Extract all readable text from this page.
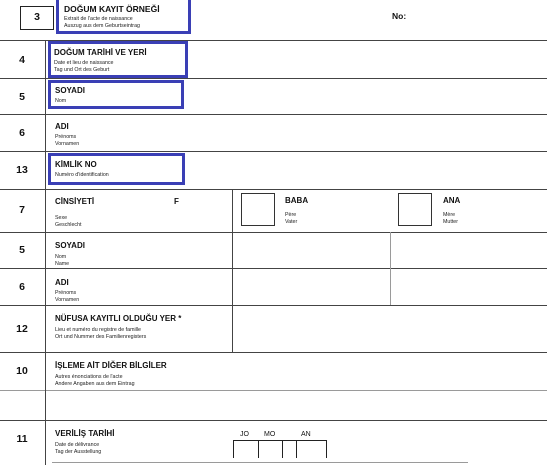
3
DOĞUM KAYIT ÖRNEĞİ
Extrait de l'acte de naissance
Auszug aus dem Geburtseintrag
No:
4
DOĞUM TARİHİ VE YERİ
Date et lieu de naissance
Tag und Ort des Geburt
5
SOYADI
Nom
6
ADI
Prénoms
Vornamen
13	KİMLİK NO
Numéro d'identification
7
CİNSİYETİ	F
Sexe
Geschlecht
BABA
Père
Vater
ANA
Mère
Mutter
5	SOYADI
Nom
Name
6	ADI
Prénoms
Vornamen
12
NÜFUSA KAYITLI OLDUĞU YER *
Lieu et numéro du registre de famille
Ort und Nummer des Familienregisters
10	İŞLEME AİT DİĞER BİLGİLER
Autres énonciations de l'acte
Andere Angaben aus dem Eintrag
11	VERİLİŞ TARİHİ
Date de délivrance
Tag der Ausstellung
JO MO	AN
